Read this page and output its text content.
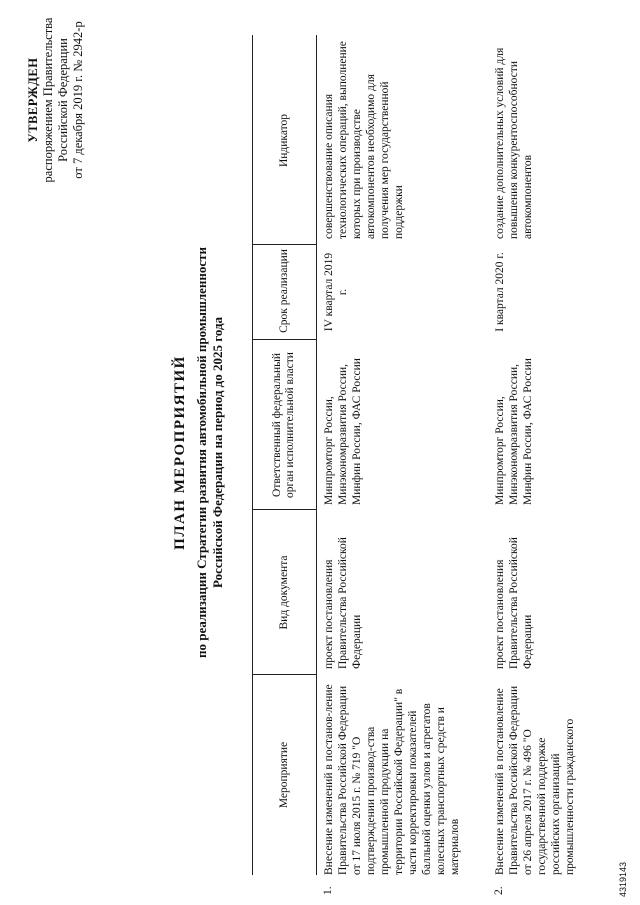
УТВЕРЖДЕН распоряжением Правительства Российской Федерации от 7 декабря 2019 г. № 2942-р
ПЛАН МЕРОПРИЯТИЙ по реализации Стратегии развития автомобильной промышленности Российской Федерации на период до 2025 года
Мероприятие
Вид документа
Ответственный федеральный орган исполнительной власти
Срок реализации
Индикатор
1.
Внесение изменений в постанов-ление Правительства Российской Федерации от 17 июля 2015 г. № 719 "О подтверждении производ-ства промышленной продукции на территории Российской Федерации" в части корректировки показателей балльной оценки узлов и агрегатов колесных транспортных средств и материалов
проект постановления Правительства Российской Федерации
Минпромторг России, Минэкономразвития России, Минфин России, ФАС России
IV квартал 2019 г.
совершенствование описания технологических операций, выполнение которых при производстве автокомпонентов необходимо для получения мер государственной поддержки
2.
Внесение изменений в постановление Правительства Российской Федерации от 26 апреля 2017 г. № 496 "О государственной поддержке российских организаций промышленности гражданского
проект постановления Правительства Российской Федерации
Минпромторг России, Минэкономразвития России, Минфин России, ФАС России
I квартал 2020 г.
создание дополнительных условий для повышения конкурентоспособности автокомпонентов
4319143
